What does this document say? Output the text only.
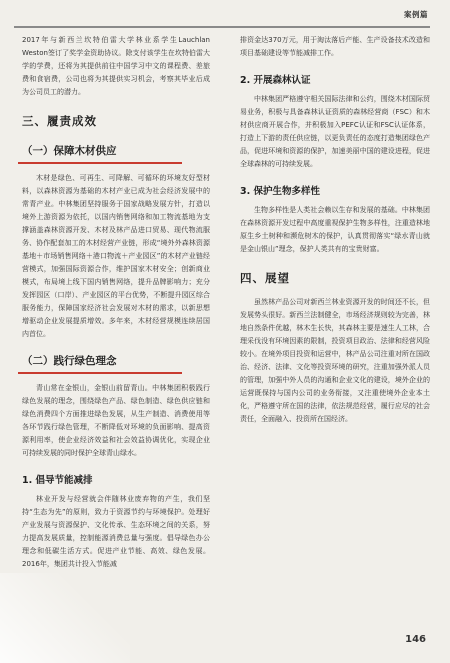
案例篇

2017年与新西兰坎特伯雷大学林业系学生Lauchlan Weston签订了奖学金资助协议。除支付该学生在坎特伯雷大学的学费，还将为其提供前往中国学习中文的课程费、差旅费和食宿费，公司也将为其提供实习机会，考察其毕业后成为公司员工的潜力。

三、履责成效
（一）保障木材供应

木材是绿色、可再生、可降解、可循环的环境友好型材料，以森林资源为基础的木材产业已成为社会经济发展中的常青产业。中林集团坚持服务于国家战略发展方针，打造以境外上游资源为依托，以国内销售网络和加工物流基地为支撑涵盖森林资源开发、木材及林产品进口贸易、现代物流服务、协作配套加工的木材经营产业链，形成“境外外森林资源基地＋市场销售网络＋港口物流＋产业园区”的木材产业链经营模式，加强国际资源合作，维护国家木材安全；创新商业模式，布局境上线下国内销售网络，提升品牌影响力；充分发挥园区（口岸）、产业园区的平台优势，不断提升园区综合服务能力，保障国家经济社会发展对木材的需求，以新思想增驱动企业发展提质增效。多年来，木材经营规模连续居国内首位。

（二）践行绿色理念

青山常在金银山，金银山前留青山。中林集团积极践行绿色发展的理念，围绕绿色产品、绿色制造、绿色供应链和绿色消费四个方面推进绿色发展，从生产制造、消费使用等各环节践行绿色管理，不断降低对环境的负面影响、提高资源利用率，使企业经济效益和社会效益协调优化，实现企业可持续发展的同时保护全球青山绿水。

1. 倡导节能减排

林业开发与经营就会伴随林业废弃物的产生，我们坚持“生态为先”的原则，致力于资源节约与环境保护。处理好产业发展与资源保护、文化传承、生态环境之间的关系，努力提高发展质量，控制能源消费总量与强度。倡导绿色办公理念和低碳生活方式。促进产业节能、高效、绿色发展。2016年，集团共计投入节能减

排资金达370万元，用于淘汰落后产能、生产设备技术改造和项目基础建设等节能减排工作。

2. 开展森林认证

中林集团严格遵守相关国际法律和公约，围绕木材国际贸易业务，积极与具备森林认证资质的森林经营商（FSC）和木材供应商开展合作，并积极加入PEFC认证和FSC认证体系，打造上下游的责任供应链，以更负责任的态度打造集团绿色产品，促进环境和资源的保护，加速美丽中国的建设进程，促进全球森林的可持续发展。

3. 保护生物多样性

生物多样性是人类社会赖以生存和发展的基础。中林集团在森林资源开发过程中高度重视保护生物多样性，注重造林地原生乡土树种和濒危树木的保护，认真贯彻落实“绿水青山就是金山银山”理念，保护人类共有的宝贵财富。

四、展望

虽然林产品公司对新西兰林业资源开发的时间还不长，但发展势头很好。新西兰法制健全，市场经济规则较为完善，林地自然条件优越，林木生长快，其森林主要是速生人工林，合理采伐没有环境因素的限制，投资项目政治、法律和经营风险较小。在境外项目投资和运营中，林产品公司注重对所在国政治、经济、法律、文化等投资环境的研究，注重加强外派人员的管理，加强中外人员的沟通和企业文化的建设，境外企业的运营既保持与国内公司的业务衔接，又注重使境外企业本土化，严格遵守所在国的法律，依法规范经营，履行应尽的社会责任，全面融入、投资所在国经济。

146
